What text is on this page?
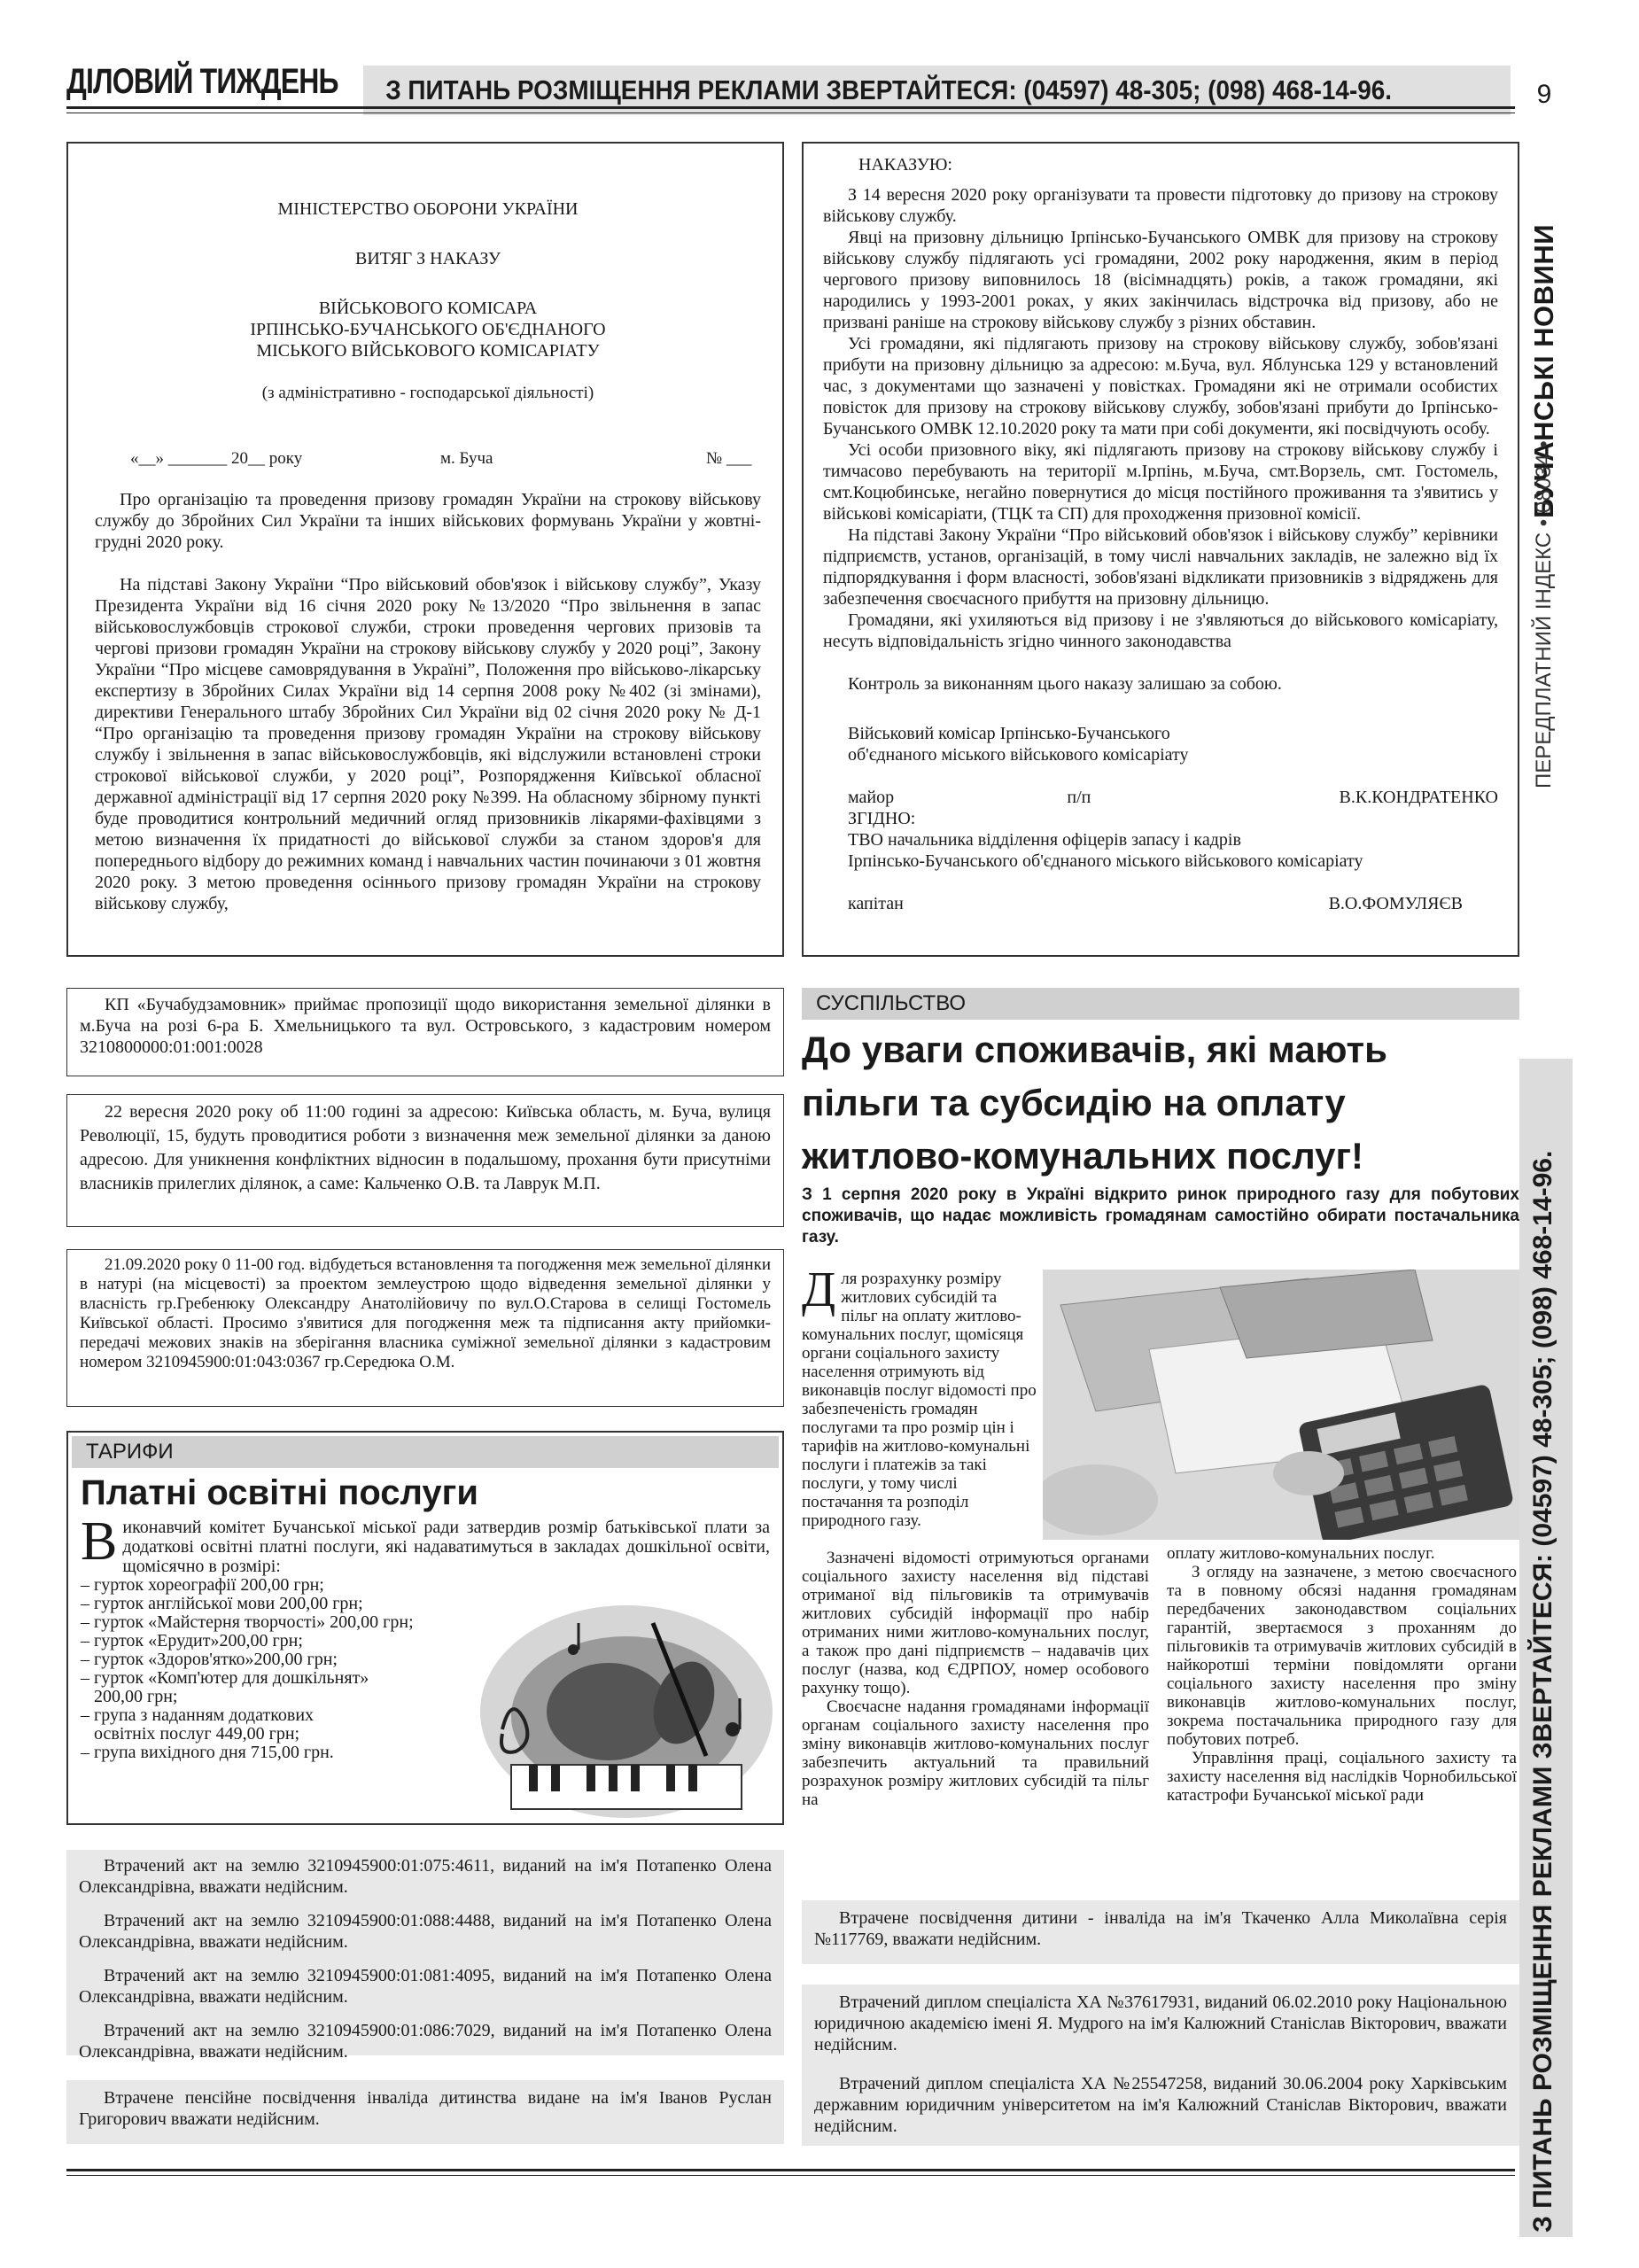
ДІЛОВИЙ ТИЖДЕНЬ	З ПИТАНЬ РОЗМІЩЕННЯ РЕКЛАМИ ЗВЕРТАЙТЕСЯ: (04597) 48-305; (098) 468-14-96.	9
БУЧАНСЬКІ НОВИНИ
ПЕРЕДПЛАТНИЙ ІНДЕКС • 08034 •
З ПИТАНЬ РОЗМІЩЕННЯ РЕКЛАМИ ЗВЕРТАЙТЕСЯ: (04597) 48-305; (098) 468-14-96.
МІНІСТЕРСТВО ОБОРОНИ УКРАЇНИ
ВИТЯГ З НАКАЗУ
ВІЙСЬКОВОГО КОМІСАРА
ІРПІНСЬКО-БУЧАНСЬКОГО ОБ'ЄДНАНОГО
МІСЬКОГО ВІЙСЬКОВОГО КОМІСАРІАТУ
(з адміністративно - господарської діяльності)
«__» _______ 20__ року	м. Буча	№ ___

Про організацію та проведення призову громадян України на строкову військову службу до Збройних Сил України та інших військових формувань України у жовтні-грудні 2020 року.

На підставі Закону України “Про військовий обов'язок і військову службу”, Указу Президента України від 16 січня 2020 року №13/2020 “Про звільнення в запас військовослужбовців строкової служби, строки проведення чергових призовів та чергові призови громадян України на строкову військову службу у 2020 році”, Закону України “Про місцеве самоврядування в Україні”, Положення про військово-лікарську експертизу в Збройних Силах України від 14 серпня 2008 року №402 (зі змінами), директиви Генерального штабу Збройних Сил України від 02 січня 2020 року № Д-1 “Про організацію та проведення призову громадян України на строкову військову службу і звільнення в запас військовослужбовців, які відслужили встановлені строки строкової військової служби, у 2020 році”, Розпорядження Київської обласної державної адміністрації від 17 серпня 2020 року №399. На обласному збірному пункті буде проводитися контрольний медичний огляд призовників лікарями-фахівцями з метою визначення їх придатності до військової служби за станом здоров'я для попереднього відбору до режимних команд і навчальних частин починаючи з 01 жовтня 2020 року. З метою проведення осіннього призову громадян України на строкову військову службу,

НАКАЗУЮ:

З 14 вересня 2020 року організувати та провести підготовку до призову на строкову військову службу.

Явці на призовну дільницю Ірпінсько-Бучанського ОМВК для призову на строкову військову службу підлягають усі громадяни, 2002 року народження, яким в період чергового призову виповнилось 18 (вісімнадцять) років, а також громадяни, які народились у 1993-2001 роках, у яких закінчилась відстрочка від призову, або не призвані раніше на строкову військову службу з різних обставин.

Усі громадяни, які підлягають призову на строкову військову службу, зобов'язані прибути на призовну дільницю за адресою: м.Буча, вул. Яблунська 129 у встановлений час, з документами що зазначені у повістках. Громадяни які не отримали особистих повісток для призову на строкову військову службу, зобов'язані прибути до Ірпінсько-Бучанського ОМВК 12.10.2020 року та мати при собі документи, які посвідчують особу.

Усі особи призовного віку, які підлягають призову на строкову військову службу і тимчасово перебувають на території м.Ірпінь, м.Буча, смт.Ворзель, смт. Гостомель, смт.Коцюбинське, негайно повернутися до місця постійного проживання та з'явитись у військові комісаріати, (ТЦК та СП) для проходження призовної комісії.

На підставі Закону України “Про військовий обов'язок і військову службу” керівники підприємств, установ, організацій, в тому числі навчальних закладів, не залежно від їх підпорядкування і форм власності, зобов'язані відкликати призовників з відряджень для забезпечення своєчасного прибуття на призовну дільницю.

Громадяни, які ухиляються від призову і не з'являються до військового комісаріату, несуть відповідальність згідно чинного законодавства

Контроль за виконанням цього наказу залишаю за собою.

Військовий комісар Ірпінсько-Бучанського
об'єднаного міського військового комісаріату
майор	п/п	В.К.КОНДРАТЕНКО
ЗГІДНО:
ТВО начальника відділення офіцерів запасу і кадрів
Ірпінсько-Бучанського об'єднаного міського військового комісаріату
капітан	В.О.ФОМУЛЯЄВ

КП «Бучабудзамовник» приймає пропозиції щодо використання земельної ділянки в м.Буча на розі 6-ра Б. Хмельницького та вул. Островського, з кадастровим номером 3210800000:01:001:0028

22 вересня 2020 року об 11:00 годині за адресою: Київська область, м. Буча, вулиця Революції, 15, будуть проводитися роботи з визначення меж земельної ділянки за даною адресою. Для уникнення конфліктних відносин в подальшому, прохання бути присутніми власників прилеглих ділянок, а саме: Кальченко О.В. та Лаврук М.П.

21.09.2020 року 0 11-00 год. відбудеться встановлення та погодження меж земельної ділянки в натурі (на місцевості) за проектом землеустрою щодо відведення земельної ділянки у власність гр.Гребенюку Олександру Анатолійовичу по вул.О.Старова в селищі Гостомель Київської області. Просимо з'явитися для погодження меж та підписання акту прийомки-передачі межових знаків на зберігання власника суміжної земельної ділянки з кадастровим номером 3210945900:01:043:0367 гр.Середюка О.М.

ТАРИФИ
Платні освітні послуги
В иконавчий комітет Бучанської міської ради затвердив розмір батьківської плати за додаткові освітні платні послуги, які надаватимуться в закладах дошкільної освіти, щомісячно в розмірі:
– гурток хореографії 200,00 грн;
– гурток англійської мови 200,00 грн;
– гурток «Майстерня творчості» 200,00 грн;
– гурток «Ерудит»200,00 грн;
– гурток «Здоров'ятко»200,00 грн;
– гурток «Комп'ютер для дошкільнят»
200,00 грн;
– група з наданням додаткових
освітніх послуг 449,00 грн;
– група вихідного дня 715,00 грн.

Втрачений акт на землю 3210945900:01:075:4611, виданий на ім'я Потапенко Олена Олександрівна, вважати недійсним.

Втрачений акт на землю 3210945900:01:088:4488, виданий на ім'я Потапенко Олена Олександрівна, вважати недійсним.

Втрачений акт на землю 3210945900:01:081:4095, виданий на ім'я Потапенко Олена Олександрівна, вважати недійсним.

Втрачений акт на землю 3210945900:01:086:7029, виданий на ім'я Потапенко Олена Олександрівна, вважати недійсним.

Втрачене пенсійне посвідчення інваліда дитинства видане на ім'я Іванов Руслан Григорович вважати недійсним.

СУСПІЛЬСТВО
До уваги споживачів, які мають
пільги та субсидію на оплату
житлово-комунальних послуг!
З 1 серпня 2020 року в Україні відкрито ринок природного газу для побутових споживачів, що надає можливість громадянам самостійно обирати постачальника газу.
Д ля розрахунку розміру житлових субсидій та пільг на оплату житлово-комунальних послуг, щомісяця органи соціального захисту населення отримують від виконавців послуг відомості про забезпеченість громадян послугами та про розмір цін і тарифів на житлово-комунальні послуги і платежів за такі послуги, у тому числі постачання та розподіл природного газу.

Зазначені відомості отримуються органами соціального захисту населення від підставі отриманої від пільговиків та отримувачів житлових субсидій інформації про набір отриманих ними житлово-комунальних послуг, а також про дані підприємств – надавачів цих послуг (назва, код ЄДРПОУ, номер особового рахунку тощо).

Своєчасне надання громадянами інформації органам соціального захисту населення про зміну виконавців житлово-комунальних послуг забезпечить актуальний та правильний розрахунок розміру житлових субсидій та пільг на

оплату житлово-комунальних послуг.

З огляду на зазначене, з метою своєчасного та в повному обсязі надання громадянам передбачених законодавством соціальних гарантій, звертаємося з проханням до пільговиків та отримувачів житлових субсидій в найкоротші терміни повідомляти органи соціального захисту населення про зміну виконавців житлово-комунальних послуг, зокрема постачальника природного газу для побутових потреб.

Управління праці, соціального захисту та захисту населення від наслідків Чорнобильської катастрофи Бучанської міської ради

Втрачене посвідчення дитини - інваліда на ім'я Ткаченко Алла Миколаївна серія №117769, вважати недійсним.

Втрачений диплом спеціаліста ХА №37617931, виданий 06.02.2010 року Національною юридичною академією імені Я. Мудрого на ім'я Калюжний Станіслав Вікторович, вважати недійсним.

Втрачений диплом спеціаліста ХА №25547258, виданий 30.06.2004 року Харківським державним юридичним університетом на ім'я Калюжний Станіслав Вікторович, вважати недійсним.
